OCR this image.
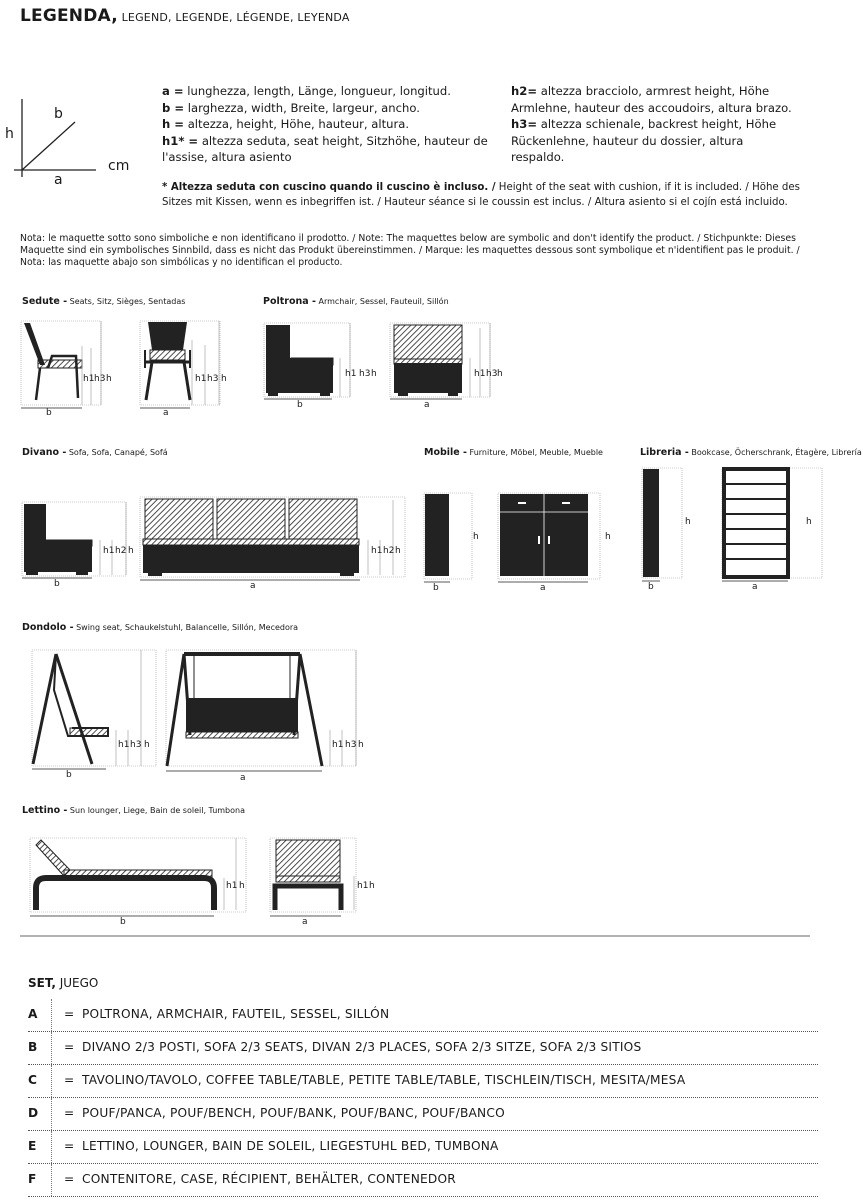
LEGENDA, LEGEND, LEGENDE, LÉGENDE, LEYENDA
h
b
a
cm
a = lunghezza, length, Länge, longueur, longitud.
b = larghezza, width, Breite, largeur, ancho.
h = altezza, height, Höhe, hauteur, altura.
h1* = altezza seduta, seat height, Sitzhöhe, hauteur de
l'assise, altura asiento
h2= altezza bracciolo, armrest height, Höhe
Armlehne, hauteur des accoudoirs, altura brazo.
h3= altezza schienale, backrest height, Höhe
Rückenlehne, hauteur du dossier, altura
respaldo.
* Altezza seduta con cuscino quando il cuscino è incluso. / Height of the seat with cushion, if it is included. / Höhe des
Sitzes mit Kissen, wenn es inbegriffen ist. / Hauteur séance si le coussin est inclus. / Altura asiento si el cojín está incluido.
Nota: le maquette sotto sono simboliche e non identificano il prodotto. / Note: The maquettes below are symbolic and don't identify the product. / Stichpunkte: Dieses
Maquette sind ein symbolisches Sinnbild, dass es nicht das Produkt übereinstimmen. / Marque: les maquettes dessous sont symbolique et n'identifient pas le produit. /
Nota: las maquette abajo son simbólicas y no identifican el producto.
Sedute - Seats, Sitz, Sièges, Sentadas	Poltrona - Armchair, Sessel, Fauteuil, Sillón
Divano - Sofa, Sofa, Canapé, Sofá	Mobile - Furniture, Möbel, Meuble, Mueble	Libreria - Bookcase, Öcherschrank, Étagère, Librería
Dondolo - Swing seat, Schaukelstuhl, Balancelle, Sillón, Mecedora
Lettino - Sun lounger, Liege, Bain de soleil, Tumbona
b
h1 h3 h
a
h1 h3 h
b
h1 h3 h
a
h1 h3 h
b
h1 h2 h
a
h1 h2 h
b
h
a
h
b
h
a
h
b
h1 h3 h
a
h1 h3 h
b
h1 h
a
h1 h
SET, JUEGO
A	= POLTRONA, ARMCHAIR, FAUTEIL, SESSEL, SILLÓN
B	= DIVANO 2/3 POSTI, SOFA 2/3 SEATS, DIVAN 2/3 PLACES, SOFA 2/3 SITZE, SOFA 2/3 SITIOS
C	= TAVOLINO/TAVOLO, COFFEE TABLE/TABLE, PETITE TABLE/TABLE, TISCHLEIN/TISCH, MESITA/MESA
D	= POUF/PANCA, POUF/BENCH, POUF/BANK, POUF/BANC, POUF/BANCO
E	= LETTINO, LOUNGER, BAIN DE SOLEIL, LIEGESTUHL BED, TUMBONA
F	= CONTENITORE, CASE, RÉCIPIENT, BEHÄLTER, CONTENEDOR
